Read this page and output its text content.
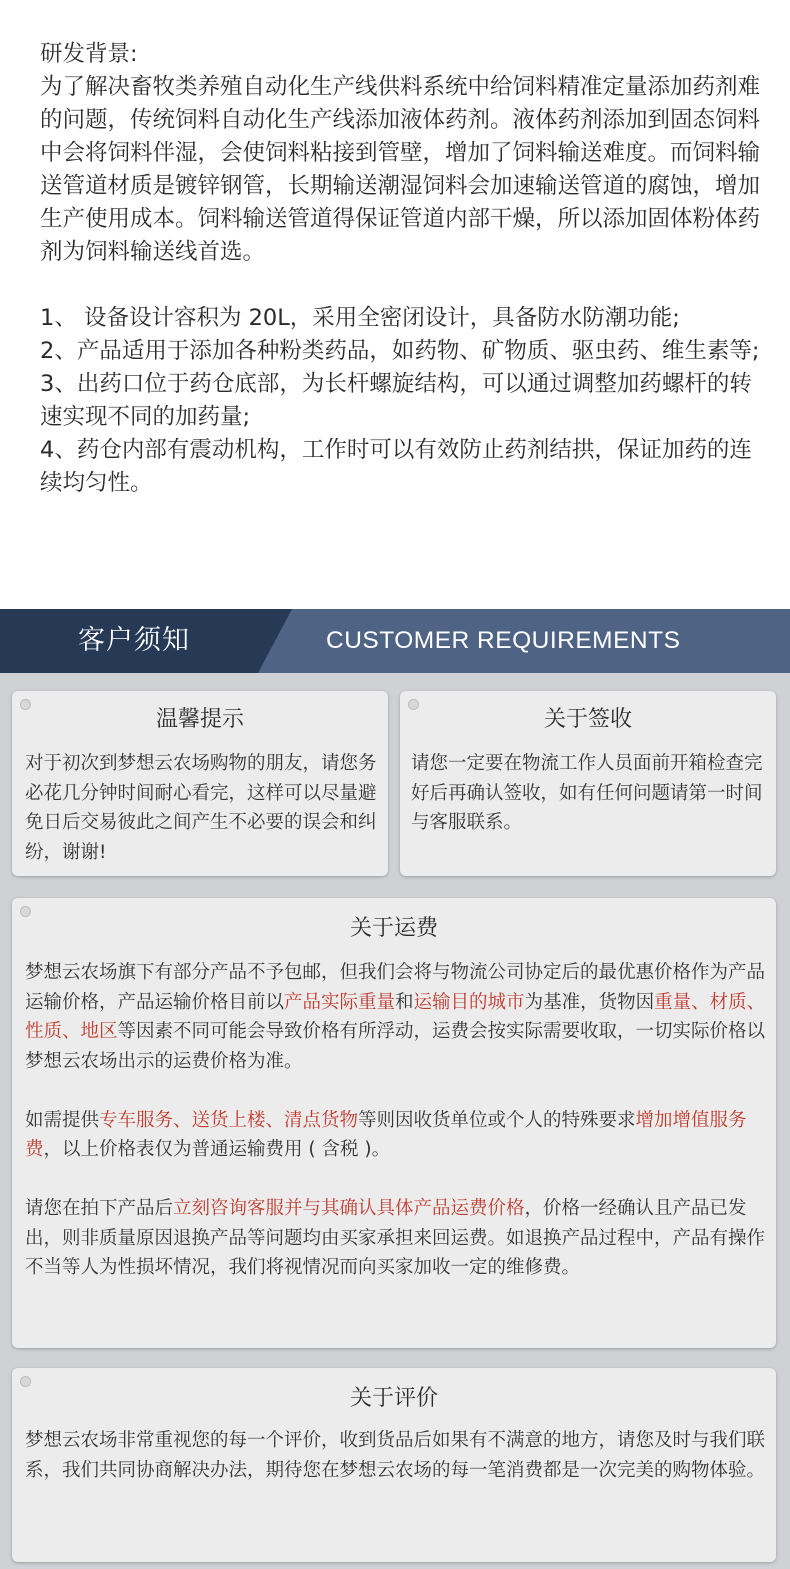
研发背景:

为了解决畜牧类养殖自动化生产线供料系统中给饲料精准定量添加药剂难的问题，传统饲料自动化生产线添加液体药剂。液体药剂添加到固态饲料中会将饲料伴湿，会使饲料粘接到管壁，增加了饲料输送难度。而饲料输送管道材质是镀锌钢管，长期输送潮湿饲料会加速输送管道的腐蚀，增加生产使用成本。饲料输送管道得保证管道内部干燥，所以添加固体粉体药剂为饲料输送线首选。

1、 设备设计容积为 20L，采用全密闭设计，具备防水防潮功能;

2、产品适用于添加各种粉类药品，如药物、矿物质、驱虫药、维生素等;

3、出药口位于药仓底部，为长杆螺旋结构，可以通过调整加药螺杆的转速实现不同的加药量;

4、药仓内部有震动机构，工作时可以有效防止药剂结拱，保证加药的连续均匀性。

客户须知	CUSTOMER REQUIREMENTS
温馨提示
对于初次到梦想云农场购物的朋友，请您务必花几分钟时间耐心看完，这样可以尽量避免日后交易彼此之间产生不必要的误会和纠纷，谢谢!
关于签收
请您一定要在物流工作人员面前开箱检查完好后再确认签收，如有任何问题请第一时间与客服联系。
关于运费

梦想云农场旗下有部分产品不予包邮，但我们会将与物流公司协定后的最优惠价格作为产品运输价格，产品运输价格目前以产品实际重量和运输目的城市为基准，货物因重量、材质、性质、地区等因素不同可能会导致价格有所浮动，运费会按实际需要收取，一切实际价格以梦想云农场出示的运费价格为准。

如需提供专车服务、送货上楼、清点货物等则因收货单位或个人的特殊要求增加增值服务费，以上价格表仅为普通运输费用 ( 含税 )。

请您在拍下产品后立刻咨询客服并与其确认具体产品运费价格，价格一经确认且产品已发出，则非质量原因退换产品等问题均由买家承担来回运费。如退换产品过程中，产品有操作不当等人为性损坏情况，我们将视情况而向买家加收一定的维修费。

关于评价
梦想云农场非常重视您的每一个评价，收到货品后如果有不满意的地方，请您及时与我们联系，我们共同协商解决办法，期待您在梦想云农场的每一笔消费都是一次完美的购物体验。
